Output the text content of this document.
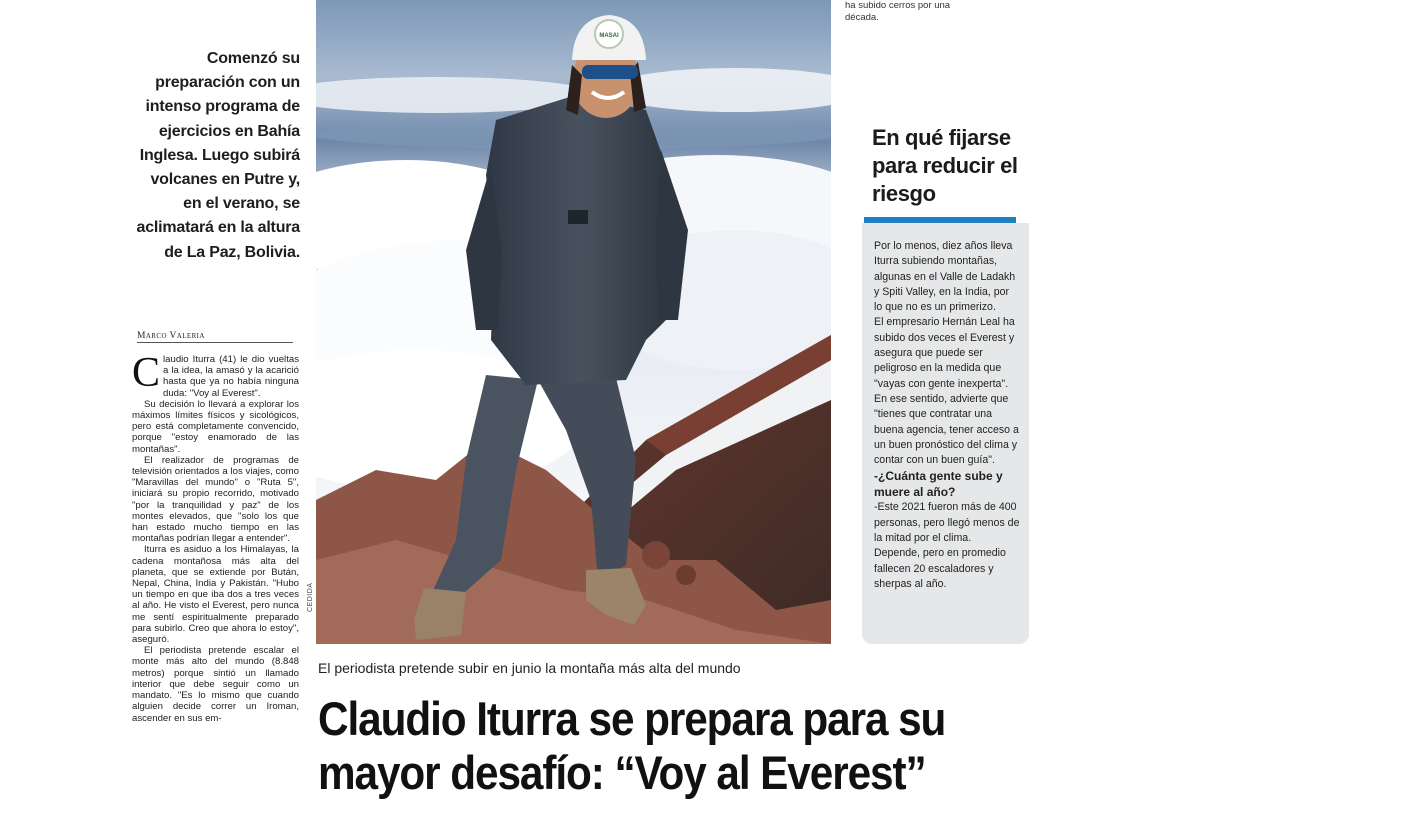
ha subido cerros por una década.
Comenzó su preparación con un intenso programa de ejercicios en Bahía Inglesa. Luego subirá volcanes en Putre y, en el verano, se aclimatará en la altura de La Paz, Bolivia.
Marco Valeria

Claudio Iturra (41) le dio vueltas a la idea, la amasó y la acarició hasta que ya no había ninguna duda: "Voy al Everest".

Su decisión lo llevará a explorar los máximos límites físicos y sicológicos, pero está completamente convencido, porque "estoy enamorado de las montañas".

El realizador de programas de televisión orientados a los viajes, como "Maravillas del mundo" o "Ruta 5", iniciará su propio recorrido, motivado "por la tranquilidad y paz" de los montes elevados, que "solo los que han estado mucho tiempo en las montañas podrían llegar a entender".

Iturra es asiduo a los Himalayas, la cadena montañosa más alta del planeta, que se extiende por Bután, Nepal, China, India y Pakistán. "Hubo un tiempo en que iba dos a tres veces al año. He visto el Everest, pero nunca me sentí espiritualmente preparado para subirlo. Creo que ahora lo estoy", aseguró.

El periodista pretende escalar el monte más alto del mundo (8.848 metros) porque sintió un llamado interior que debe seguir como un mandato. "Es lo mismo que cuando alguien decide correr un Iroman, ascender en sus em-

MASAI
CEDIDA
El periodista pretende subir en junio la montaña más alta del mundo
Claudio Iturra se prepara para su
mayor desafío: “Voy al Everest”
En qué fijarse para reducir el riesgo

Por lo menos, diez años lleva Iturra subiendo montañas, algunas en el Valle de Ladakh y Spiti Valley, en la India, por lo que no es un primerizo.

El empresario Hernán Leal ha subido dos veces el Everest y asegura que puede ser peligroso en la medida que "vayas con gente inexperta". En ese sentido, advierte que "tienes que contratar una buena agencia, tener acceso a un buen pronóstico del clima y contar con un buen guía".

-¿Cuánta gente sube y muere al año?

-Este 2021 fueron más de 400 personas, pero llegó menos de la mitad por el clima. Depende, pero en promedio fallecen 20 escaladores y sherpas al año.
